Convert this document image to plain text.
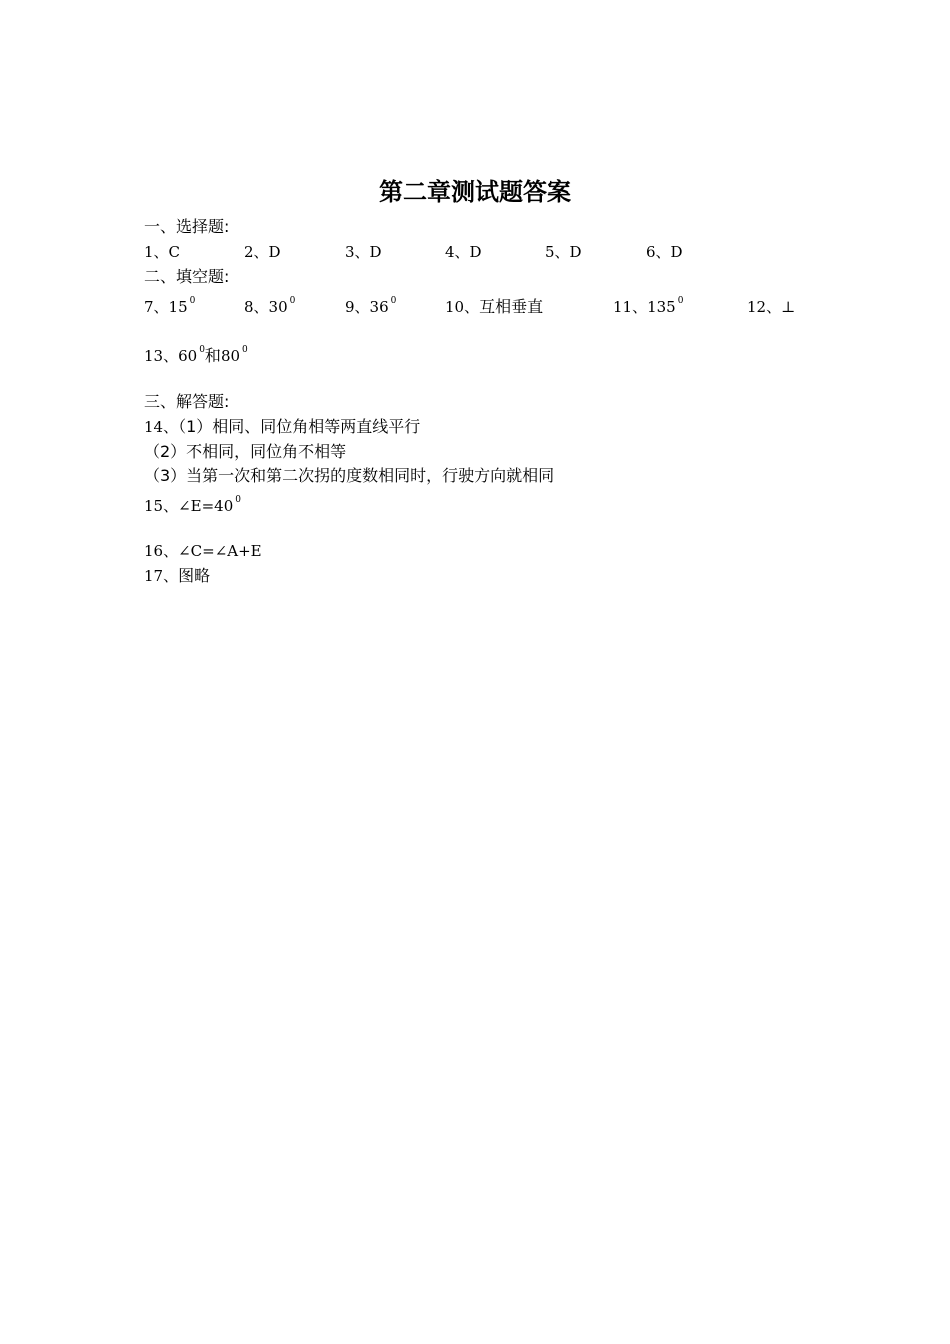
第二章测试题答案
一、选择题:
1、C	2、D	3、D	4、D	5、D	6、D
二、填空题:
7、15 $^0$	8、30 $^0$	9、36 $^0$	10、互相垂直	11、135 $^0$	12、⊥
13、60 $^0$和80 $^0$
三、解答题:
14、（1）相同、同位角相等两直线平行
（2）不相同，同位角不相等
（3）当第一次和第二次拐的度数相同时，行驶方向就相同
15、∠E=40 $^0$
16、∠C=∠A+E
17、图略
